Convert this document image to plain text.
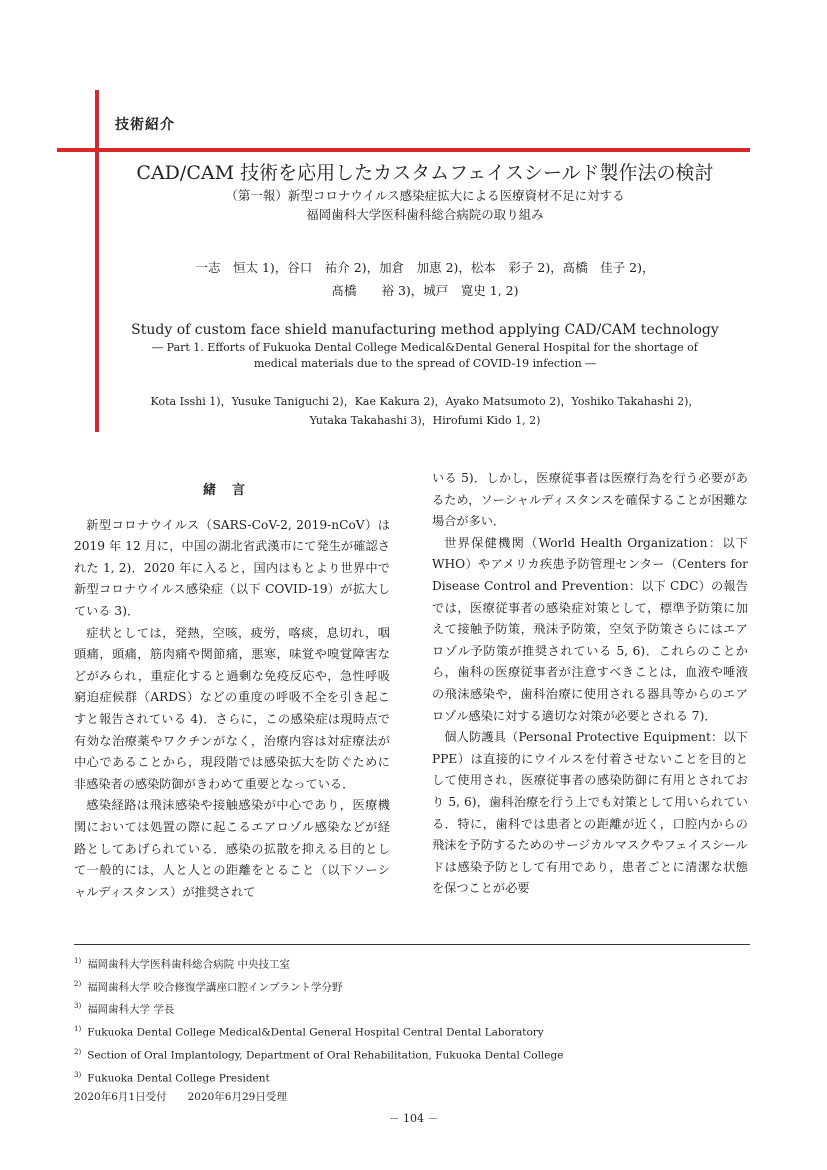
技術紹介
CAD/CAM 技術を応用したカスタムフェイスシールド製作法の検討
（第一報）新型コロナウイルス感染症拡大による医療資材不足に対する
福岡歯科大学医科歯科総合病院の取り組み
一志　恒太 1)，谷口　祐介 2)，加倉　加恵 2)，松本　彩子 2)，髙橋　佳子 2)，
髙橋　　裕 3)，城戸　寛史 1, 2)
Study of custom face shield manufacturing method applying CAD/CAM technology
― Part 1. Efforts of Fukuoka Dental College Medical&Dental General Hospital for the shortage of
medical materials due to the spread of COVID-19 infection ―
Kota Isshi 1)，Yusuke Taniguchi 2)，Kae Kakura 2)，Ayako Matsumoto 2)，Yoshiko Takahashi 2)，
Yutaka Takahashi 3)，Hirofumi Kido 1, 2)
緒言

新型コロナウイルス（SARS-CoV-2, 2019-nCoV）は2019 年 12 月に，中国の湖北省武漢市にて発生が確認された 1, 2)．2020 年に入ると，国内はもとより世界中で新型コロナウイルス感染症（以下 COVID-19）が拡大している 3)．

症状としては，発熱，空咳，疲労，喀痰，息切れ，咽頭痛，頭痛，筋肉痛や関節痛，悪寒，味覚や嗅覚障害などがみられ，重症化すると過剰な免疫反応や，急性呼吸窮迫症候群（ARDS）などの重度の呼吸不全を引き起こすと報告されている 4)．さらに，この感染症は現時点で有効な治療薬やワクチンがなく，治療内容は対症療法が中心であることから，現段階では感染拡大を防ぐために非感染者の感染防御がきわめて重要となっている．

感染経路は飛沫感染や接触感染が中心であり，医療機関においては処置の際に起こるエアロゾル感染などが経路としてあげられている．感染の拡散を抑える目的として一般的には，人と人との距離をとること（以下ソーシャルディスタンス）が推奨されて

いる 5)．しかし，医療従事者は医療行為を行う必要があるため，ソーシャルディスタンスを確保することが困難な場合が多い．

世界保健機関（World Health Organization：以下 WHO）やアメリカ疾患予防管理センター（Centers for Disease Control and Prevention：以下 CDC）の報告では，医療従事者の感染症対策として，標準予防策に加えて接触予防策，飛沫予防策，空気予防策さらにはエアロゾル予防策が推奨されている 5, 6)．これらのことから，歯科の医療従事者が注意すべきことは，血液や唾液の飛沫感染や，歯科治療に使用される器具等からのエアロゾル感染に対する適切な対策が必要とされる 7)．

個人防護具（Personal Protective Equipment：以下 PPE）は直接的にウイルスを付着させないことを目的として使用され，医療従事者の感染防御に有用とされており 5, 6)，歯科治療を行う上でも対策として用いられている．特に，歯科では患者との距離が近く，口腔内からの飛沫を予防するためのサージカルマスクやフェイスシールドは感染予防として有用であり，患者ごとに清潔な状態を保つことが必要

$^{1)}$ 福岡歯科大学医科歯科総合病院 中央技工室
$^{2)}$ 福岡歯科大学 咬合修復学講座口腔インプラント学分野
$^{3)}$ 福岡歯科大学 学長
$^{1)}$ Fukuoka Dental College Medical&Dental General Hospital Central Dental Laboratory
$^{2)}$ Section of Oral Implantology, Department of Oral Rehabilitation, Fukuoka Dental College
$^{3)}$ Fukuoka Dental College President
2020年6月1日受付　　2020年6月29日受理
－ 104 －
